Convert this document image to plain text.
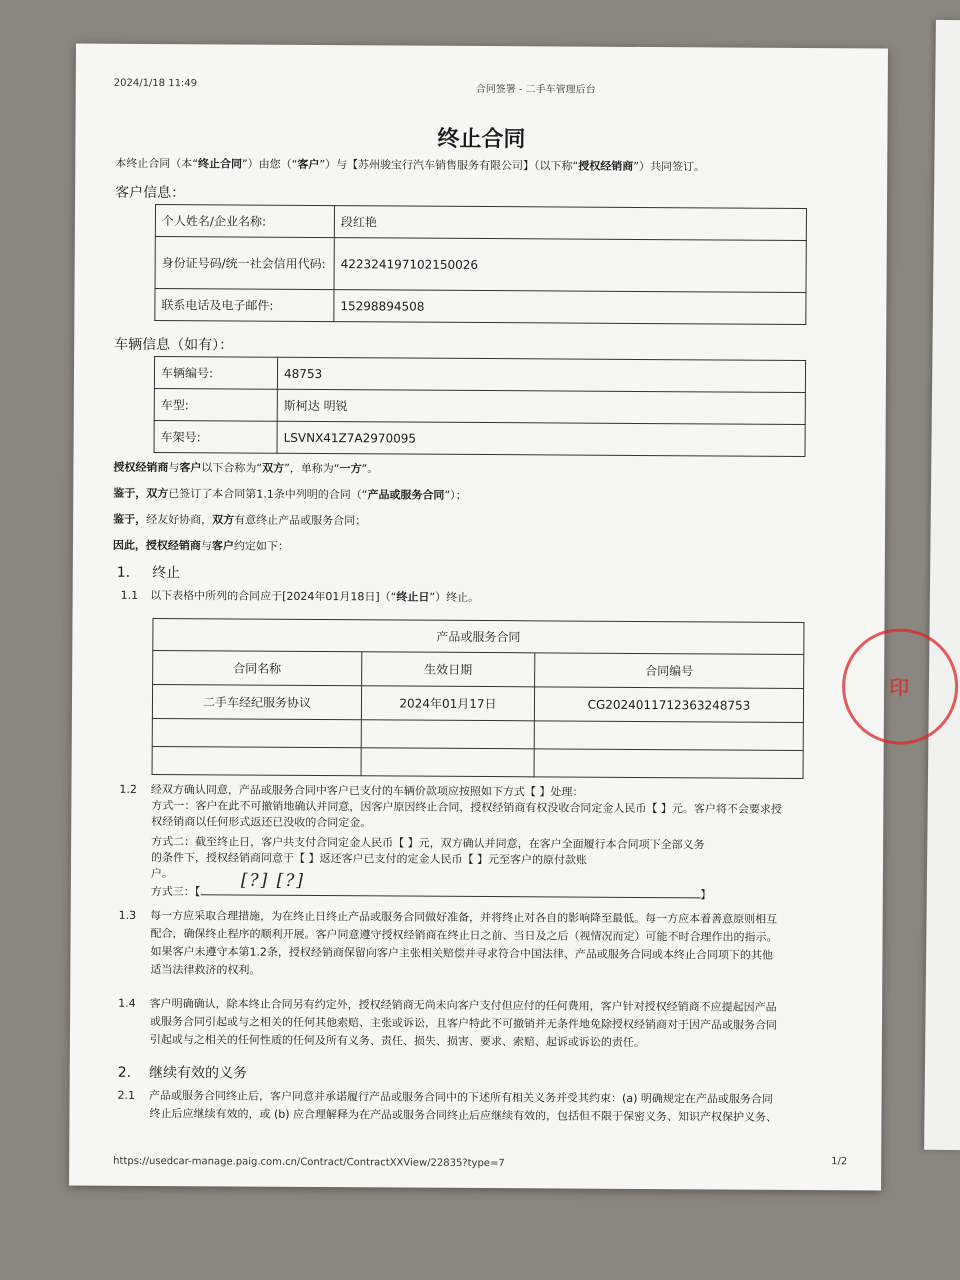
2024/1/18 11:49
合同签署 - 二手车管理后台
终止合同
本终止合同（本“终止合同”）由您（“客户”）与【苏州骏宝行汽车销售服务有限公司】（以下称“授权经销商”）共同签订。
客户信息：
个人姓名/企业名称:	段红艳
身份证号码/统一社会信用代码:	422324197102150026
联系电话及电子邮件:	15298894508
车辆信息（如有）：
车辆编号:	48753
车型:	斯柯达 明锐
车架号:	LSVNX41Z7A2970095
授权经销商与客户以下合称为“双方”，单称为“一方”。
鉴于，双方已签订了本合同第1.1条中列明的合同（“产品或服务合同”）；
鉴于，经友好协商，双方有意终止产品或服务合同；
因此，授权经销商与客户约定如下：
1. 终止
1.1 以下表格中所列的合同应于[2024年01月18日]（“终止日”）终止。
产品或服务合同		
合同名称	生效日期	合同编号
二手车经纪服务协议	2024年01月17日	CG2024011712363248753

印
1.2 经双方确认同意，产品或服务合同中客户已支付的车辆价款项应按照如下方式【 】处理：
方式一：客户在此不可撤销地确认并同意，因客户原因终止合同，授权经销商有权没收合同定金人民币【 】元。客户将不会要求授
权经销商以任何形式返还已没收的合同定金。
方式二：截至终止日，客户共支付合同定金人民币【 】元，双方确认并同意，在客户全面履行本合同项下全部义务
的条件下，授权经销商同意于【 】返还客户已支付的定金人民币【 】元至客户的原付款账
户。
方式三：【	】
[?] [?]
1.3 每一方应采取合理措施，为在终止日终止产品或服务合同做好准备，并将终止对各自的影响降至最低。每一方应本着善意原则相互
配合，确保终止程序的顺利开展。客户同意遵守授权经销商在终止日之前、当日及之后（视情况而定）可能不时合理作出的指示。
如果客户未遵守本第1.2条，授权经销商保留向客户主张相关赔偿并寻求符合中国法律、产品或服务合同或本终止合同项下的其他
适当法律救济的权利。
1.4 客户明确确认，除本终止合同另有约定外，授权经销商无尚未向客户支付但应付的任何费用，客户针对授权经销商不应提起因产品
或服务合同引起或与之相关的任何其他索赔、主张或诉讼，且客户特此不可撤销并无条件地免除授权经销商对于因产品或服务合同
引起或与之相关的任何性质的任何及所有义务、责任、损失、损害、要求、索赔、起诉或诉讼的责任。
2. 继续有效的义务
2.1 产品或服务合同终止后，客户同意并承诺履行产品或服务合同中的下述所有相关义务并受其约束：(a) 明确规定在产品或服务合同
终止后应继续有效的，或 (b) 应合理解释为在产品或服务合同终止后应继续有效的，包括但不限于保密义务、知识产权保护义务、
https://usedcar-manage.paig.com.cn/Contract/ContractXXView/22835?type=7	1/2
